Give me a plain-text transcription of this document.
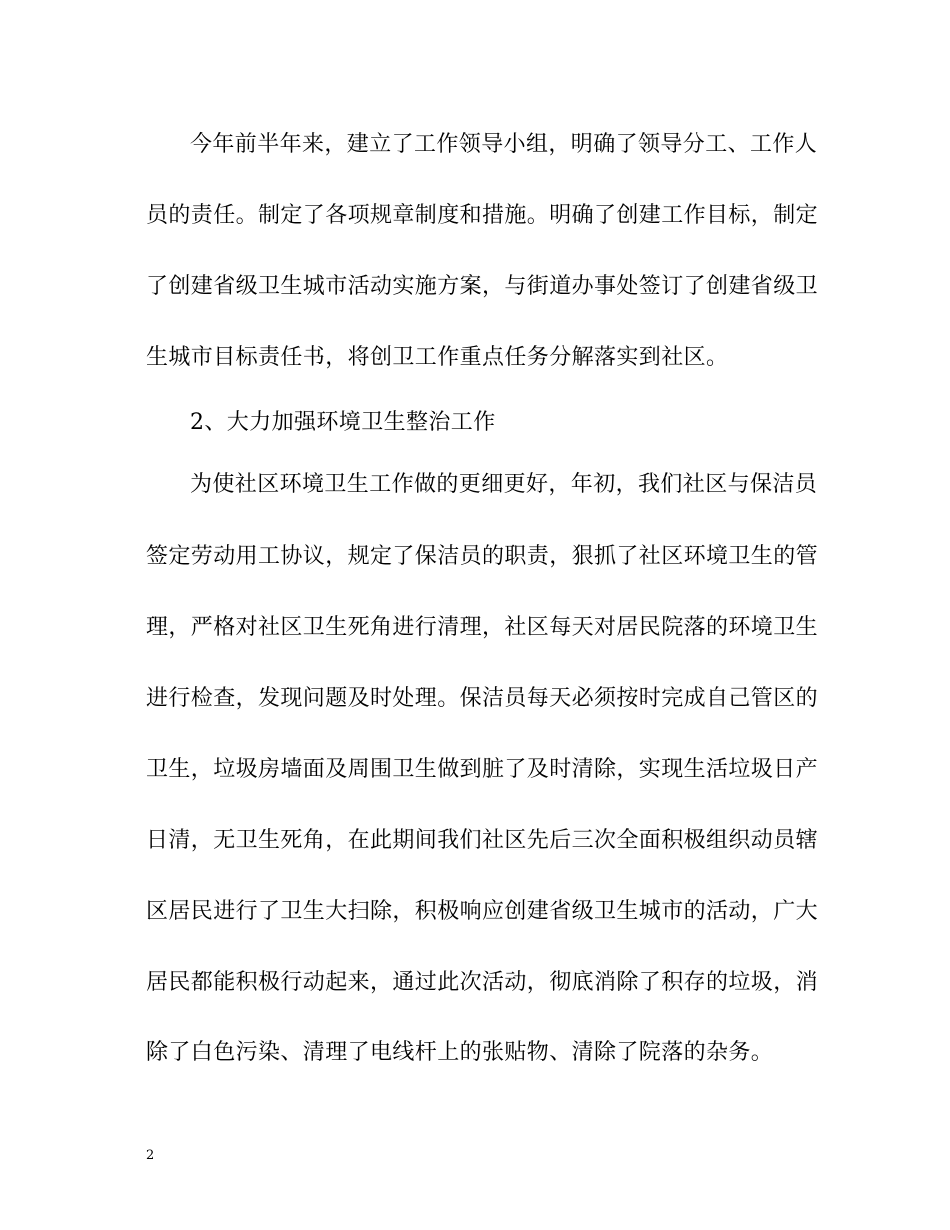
今年前半年来，建立了工作领导小组，明确了领导分工、工作人
员的责任。制定了各项规章制度和措施。明确了创建工作目标，制定
了创建省级卫生城市活动实施方案，与街道办事处签订了创建省级卫
生城市目标责任书，将创卫工作重点任务分解落实到社区。
2、大力加强环境卫生整治工作
为使社区环境卫生工作做的更细更好，年初，我们社区与保洁员
签定劳动用工协议，规定了保洁员的职责，狠抓了社区环境卫生的管
理，严格对社区卫生死角进行清理，社区每天对居民院落的环境卫生
进行检查，发现问题及时处理。保洁员每天必须按时完成自己管区的
卫生，垃圾房墙面及周围卫生做到脏了及时清除，实现生活垃圾日产
日清，无卫生死角，在此期间我们社区先后三次全面积极组织动员辖
区居民进行了卫生大扫除，积极响应创建省级卫生城市的活动，广大
居民都能积极行动起来，通过此次活动，彻底消除了积存的垃圾，消
除了白色污染、清理了电线杆上的张贴物、清除了院落的杂务。
2
